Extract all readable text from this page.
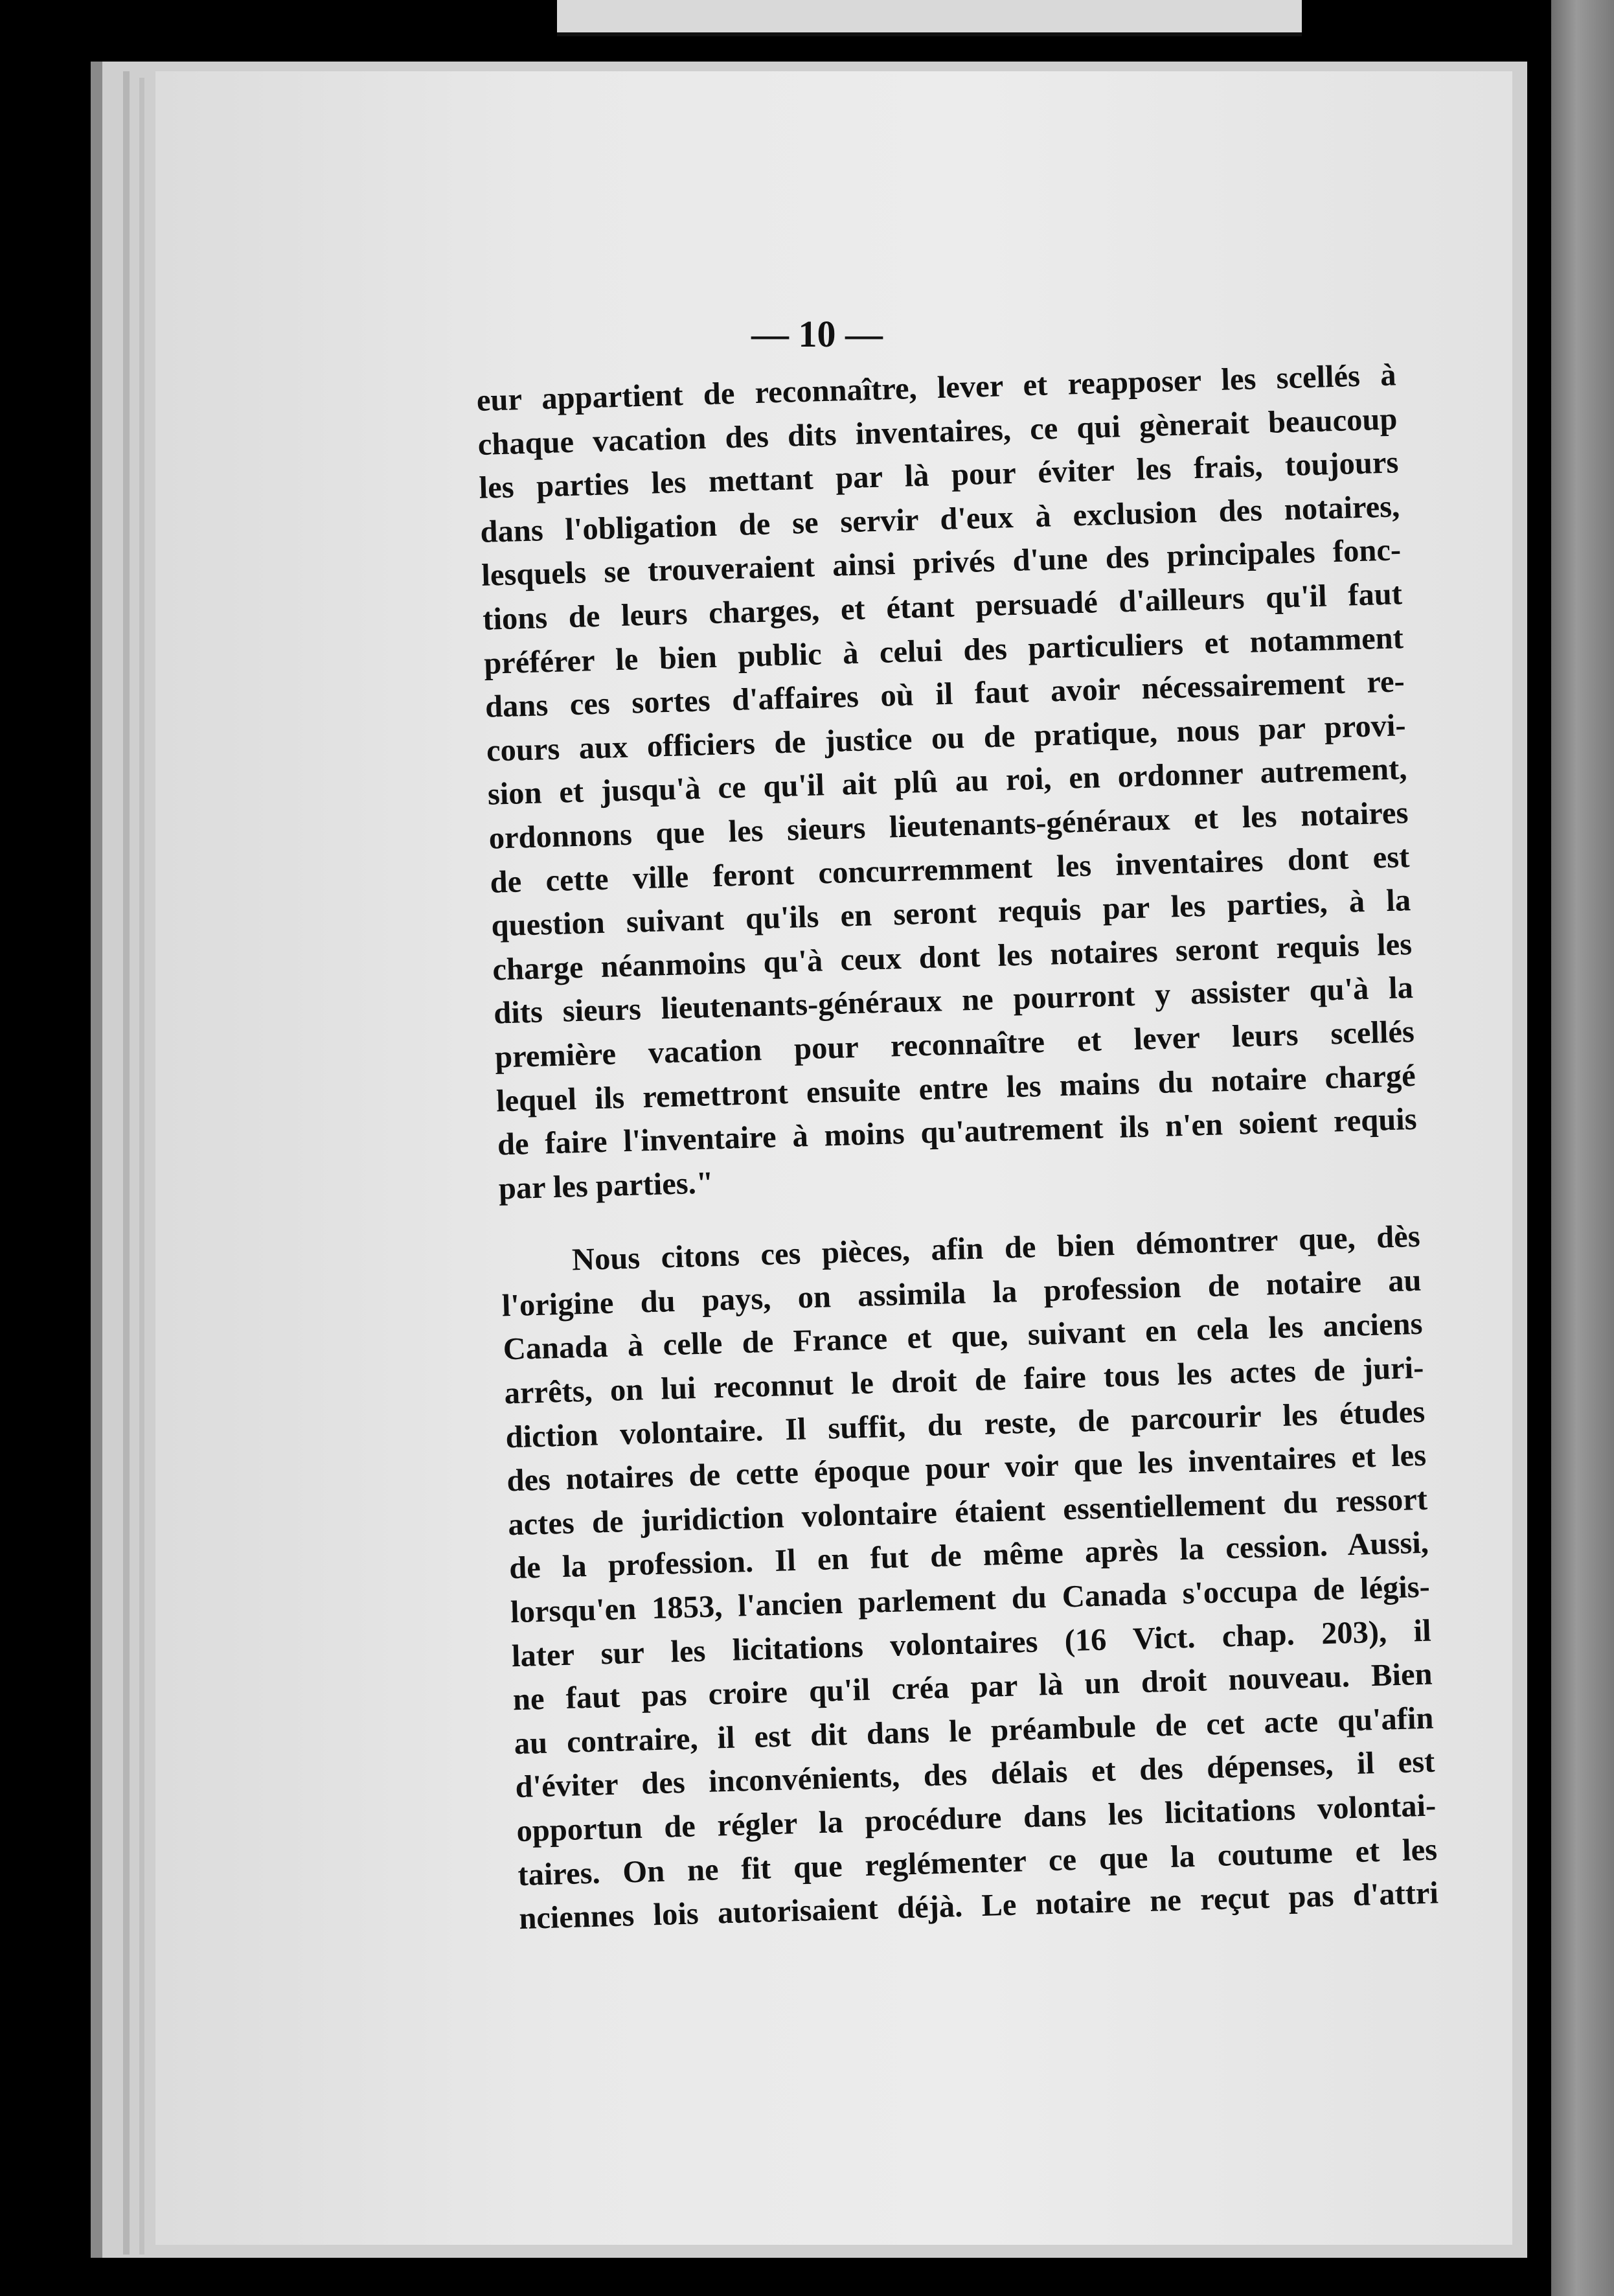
— 10 —
eur appartient de reconnaître, lever et reapposer les scellés à
chaque vacation des dits inventaires, ce qui gènerait beaucoup
les parties les mettant par là pour éviter les frais, toujours
dans l'obligation de se servir d'eux à exclusion des notaires,
lesquels se trouveraient ainsi privés d'une des principales fonc-
tions de leurs charges, et étant persuadé d'ailleurs qu'il faut
préférer le bien public à celui des particuliers et notamment
dans ces sortes d'affaires où il faut avoir nécessairement re-
cours aux officiers de justice ou de pratique, nous par provi-
sion et jusqu'à ce qu'il ait plû au roi, en ordonner autrement,
ordonnons que les sieurs lieutenants-généraux et les notaires
de cette ville feront concurremment les inventaires dont est
question suivant qu'ils en seront requis par les parties, à la
charge néanmoins qu'à ceux dont les notaires seront requis les
dits sieurs lieutenants-généraux ne pourront y assister qu'à la
première vacation pour reconnaître et lever leurs scellés
lequel ils remettront ensuite entre les mains du notaire chargé
de faire l'inventaire à moins qu'autrement ils n'en soient requis
par les parties."
Nous citons ces pièces, afin de bien démontrer que, dès
l'origine du pays, on assimila la profession de notaire au
Canada à celle de France et que, suivant en cela les anciens
arrêts, on lui reconnut le droit de faire tous les actes de juri-
diction volontaire. Il suffit, du reste, de parcourir les études
des notaires de cette époque pour voir que les inventaires et les
actes de juridiction volontaire étaient essentiellement du ressort
de la profession. Il en fut de même après la cession. Aussi,
lorsqu'en 1853, l'ancien parlement du Canada s'occupa de légis-
later sur les licitations volontaires (16 Vict. chap. 203), il
ne faut pas croire qu'il créa par là un droit nouveau. Bien
au contraire, il est dit dans le préambule de cet acte qu'afin
d'éviter des inconvénients, des délais et des dépenses, il est
opportun de régler la procédure dans les licitations volontai-
taires. On ne fit que reglémenter ce que la coutume et les
nciennes lois autorisaient déjà. Le notaire ne reçut pas d'attri
